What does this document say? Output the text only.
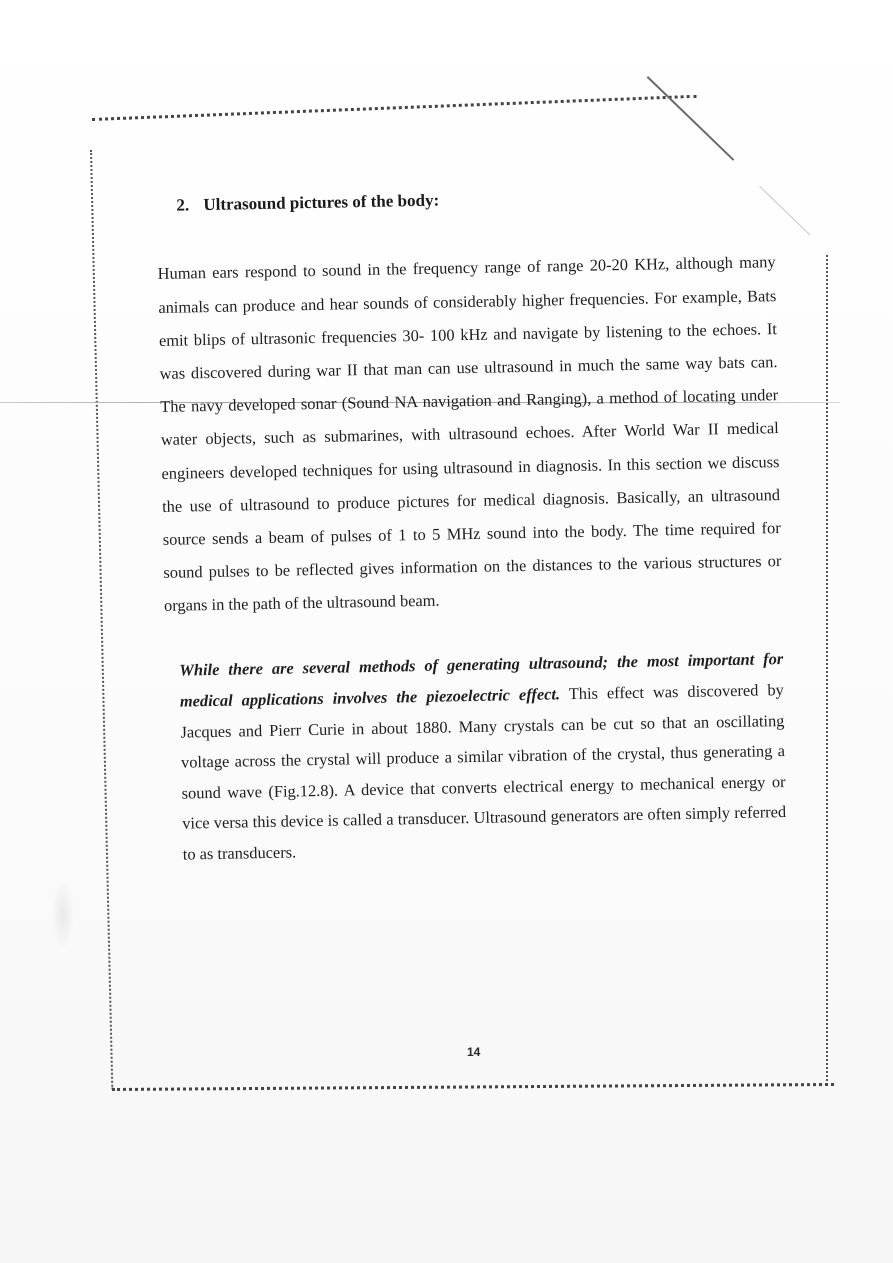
2. Ultrasound pictures of the body:

Human ears respond to sound in the frequency range of range 20-20 KHz, although many animals can produce and hear sounds of considerably higher frequencies. For example, Bats emit blips of ultrasonic frequencies 30- 100 kHz and navigate by listening to the echoes. It was discovered during war II that man can use ultrasound in much the same way bats can. The navy developed sonar (Sound NA navigation and Ranging), a method of locating under water objects, such as submarines, with ultrasound echoes. After World War II medical engineers developed techniques for using ultrasound in diagnosis. In this section we discuss the use of ultrasound to produce pictures for medical diagnosis. Basically, an ultrasound source sends a beam of pulses of 1 to 5 MHz sound into the body. The time required for sound pulses to be reflected gives information on the distances to the various structures or organs in the path of the ultrasound beam.

While there are several methods of generating ultrasound; the most important for medical applications involves the piezoelectric effect. This effect was discovered by Jacques and Pierr Curie in about 1880. Many crystals can be cut so that an oscillating voltage across the crystal will produce a similar vibration of the crystal, thus generating a sound wave (Fig.12.8). A device that converts electrical energy to mechanical energy or vice versa this device is called a transducer. Ultrasound generators are often simply referred to as transducers.

14
